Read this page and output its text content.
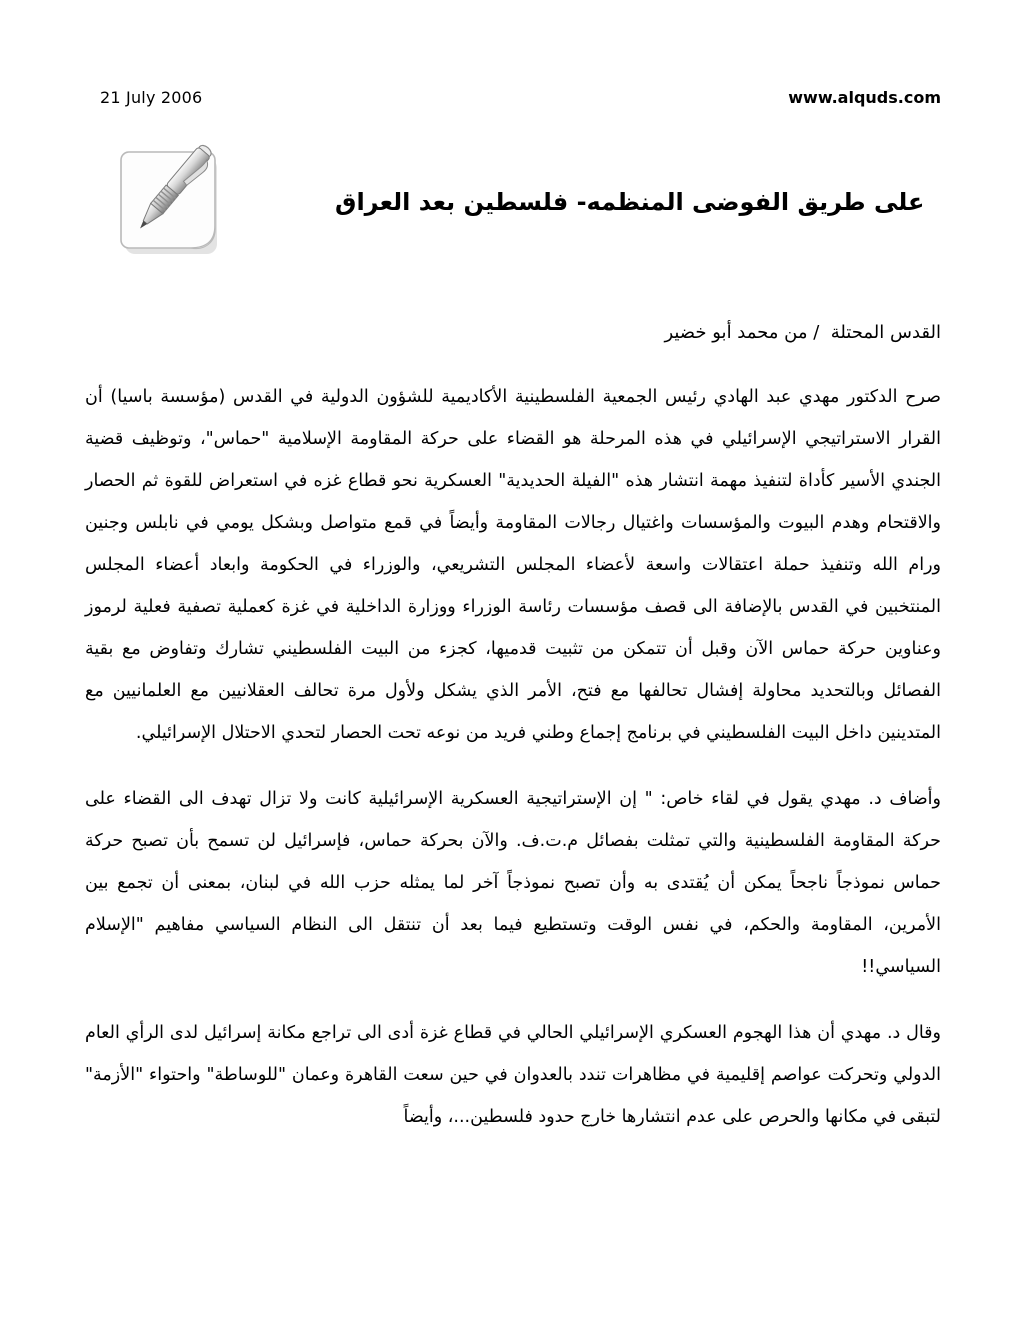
21 July 2006	www.alquds.com
على طريق الفوضى المنظمه- فلسطين بعد العراق
القدس المحتلة  / من محمد أبو خضير

صرح الدكتور مهدي عبد الهادي رئيس الجمعية الفلسطينية الأكاديمية للشؤون الدولية في القدس (مؤسسة باسيا) أن القرار الاستراتيجي الإسرائيلي في هذه المرحلة هو القضاء على حركة المقاومة الإسلامية "حماس"، وتوظيف قضية الجندي الأسير كأداة لتنفيذ مهمة انتشار هذه "الفيلة الحديدية" العسكرية نحو قطاع غزه في استعراض للقوة ثم الحصار والاقتحام وهدم البيوت والمؤسسات واغتيال رجالات المقاومة وأيضاً في قمع متواصل وبشكل يومي في نابلس وجنين ورام الله وتنفيذ حملة اعتقالات واسعة لأعضاء المجلس التشريعي، والوزراء في الحكومة وابعاد أعضاء المجلس المنتخبين في القدس بالإضافة الى قصف مؤسسات رئاسة الوزراء ووزارة الداخلية في غزة كعملية تصفية فعلية لرموز وعناوين حركة حماس الآن وقبل أن تتمكن من تثبيت قدميها، كجزء من البيت الفلسطيني تشارك وتفاوض مع بقية الفصائل وبالتحديد محاولة إفشال تحالفها مع فتح، الأمر الذي يشكل ولأول مرة تحالف العقلانيين مع العلمانيين مع المتدينين داخل البيت الفلسطيني في برنامج إجماع وطني فريد من نوعه تحت الحصار لتحدي الاحتلال الإسرائيلي.

وأضاف د. مهدي يقول في لقاء خاص: " إن الإستراتيجية العسكرية الإسرائيلية كانت ولا تزال تهدف الى القضاء على حركة المقاومة الفلسطينية والتي تمثلت بفصائل م.ت.ف. والآن بحركة حماس، فإسرائيل لن تسمح بأن تصبح حركة حماس نموذجاً ناجحاً يمكن أن يُقتدى به وأن تصبح نموذجاً آخر لما يمثله حزب الله في لبنان، بمعنى أن تجمع بين الأمرين، المقاومة والحكم، في نفس الوقت وتستطيع فيما بعد أن تنتقل الى النظام السياسي مفاهيم "الإسلام السياسي!!

وقال د. مهدي أن هذا الهجوم العسكري الإسرائيلي الحالي في قطاع غزة أدى الى تراجع مكانة إسرائيل لدى الرأي العام الدولي وتحركت عواصم إقليمية في مظاهرات تندد بالعدوان في حين سعت القاهرة وعمان "للوساطة" واحتواء "الأزمة" لتبقى في مكانها والحرص على عدم انتشارها خارج حدود فلسطين...، وأيضاً
